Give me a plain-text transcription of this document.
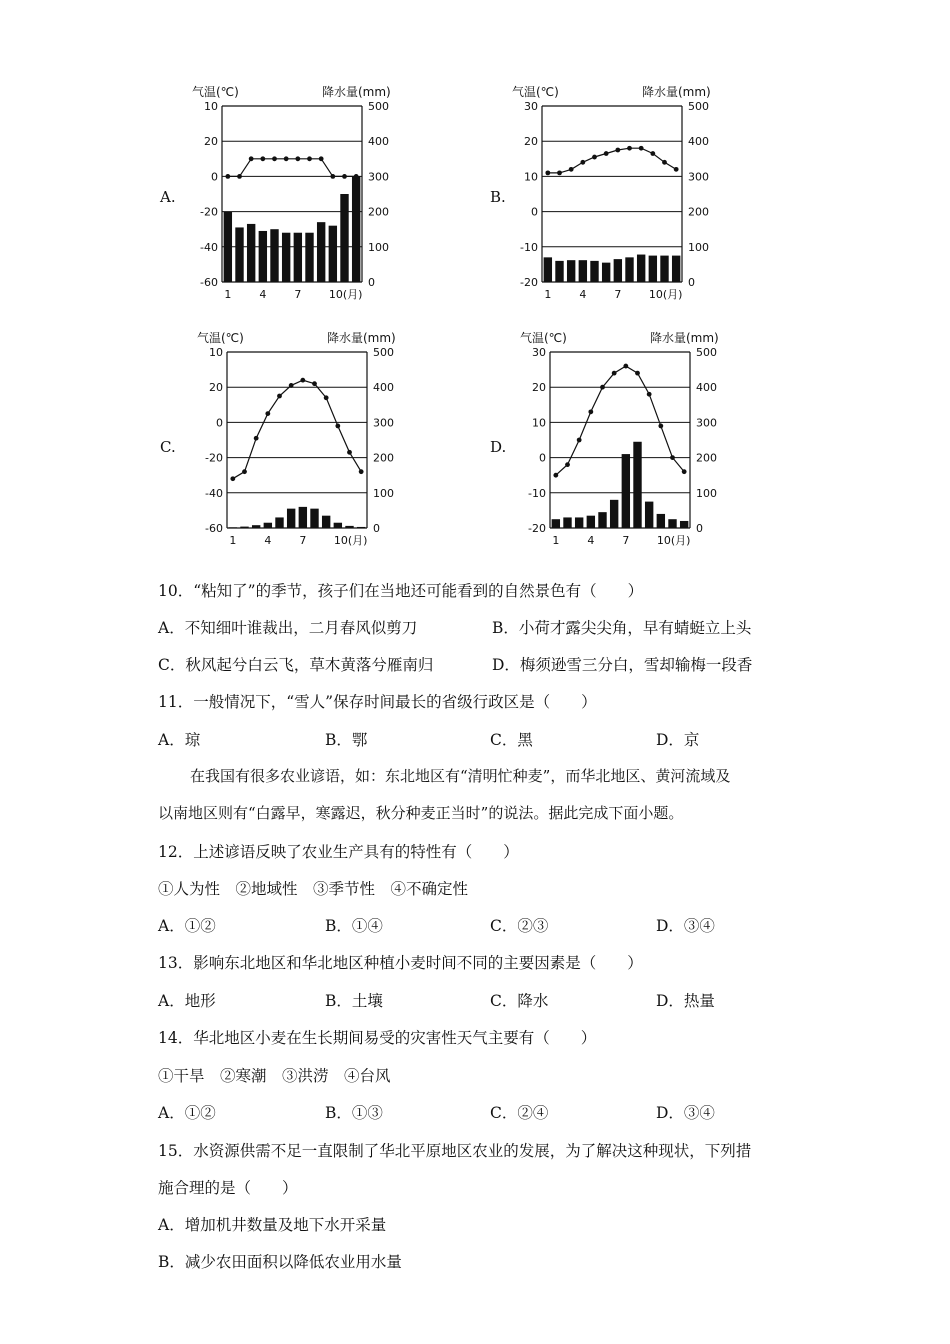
A.	B.
C.	D.
气温(℃)	降水量(mm)
10
20
0
-20
-40
-60
500
400
300
200
100
0
1	4	7 10(月)
气温(℃)	降水量(mm)
30
20
10
0
-10
-20
500
400
300
200
100
0
1	4	7	10(月)
气温(℃)	降水量(mm)
10
20
0
-20
-40
-60
500
400
300
200
100
0
1	4	7 10(月)
气温(℃)	降水量(mm)
30
20
10
0
-10
-20
500
400
300
200
100
0
1	4	7	10(月)
10．“粘知了”的季节，孩子们在当地还可能看到的自然景色有（　　）
A．不知细叶谁裁出，二月春风似剪刀	B．小荷才露尖尖角，早有蜻蜓立上头
C．秋风起兮白云飞，草木黄落兮雁南归	D．梅须逊雪三分白，雪却输梅一段香
11．一般情况下，“雪人”保存时间最长的省级行政区是（　　）
A．琼	B．鄂	C．黑	D．京
在我国有很多农业谚语，如：东北地区有“清明忙种麦”，而华北地区、黄河流域及
以南地区则有“白露早，寒露迟，秋分种麦正当时”的说法。据此完成下面小题。
12．上述谚语反映了农业生产具有的特性有（　　）
①人为性　②地域性　③季节性　④不确定性
A．①②	B．①④	C．②③	D．③④
13．影响东北地区和华北地区种植小麦时间不同的主要因素是（　　）
A．地形	B．土壤	C．降水	D．热量
14．华北地区小麦在生长期间易受的灾害性天气主要有（　　）
①干旱　②寒潮　③洪涝　④台风
A．①②	B．①③	C．②④	D．③④
15．水资源供需不足一直限制了华北平原地区农业的发展，为了解决这种现状，下列措
施合理的是（　　）
A．增加机井数量及地下水开采量
B．减少农田面积以降低农业用水量
